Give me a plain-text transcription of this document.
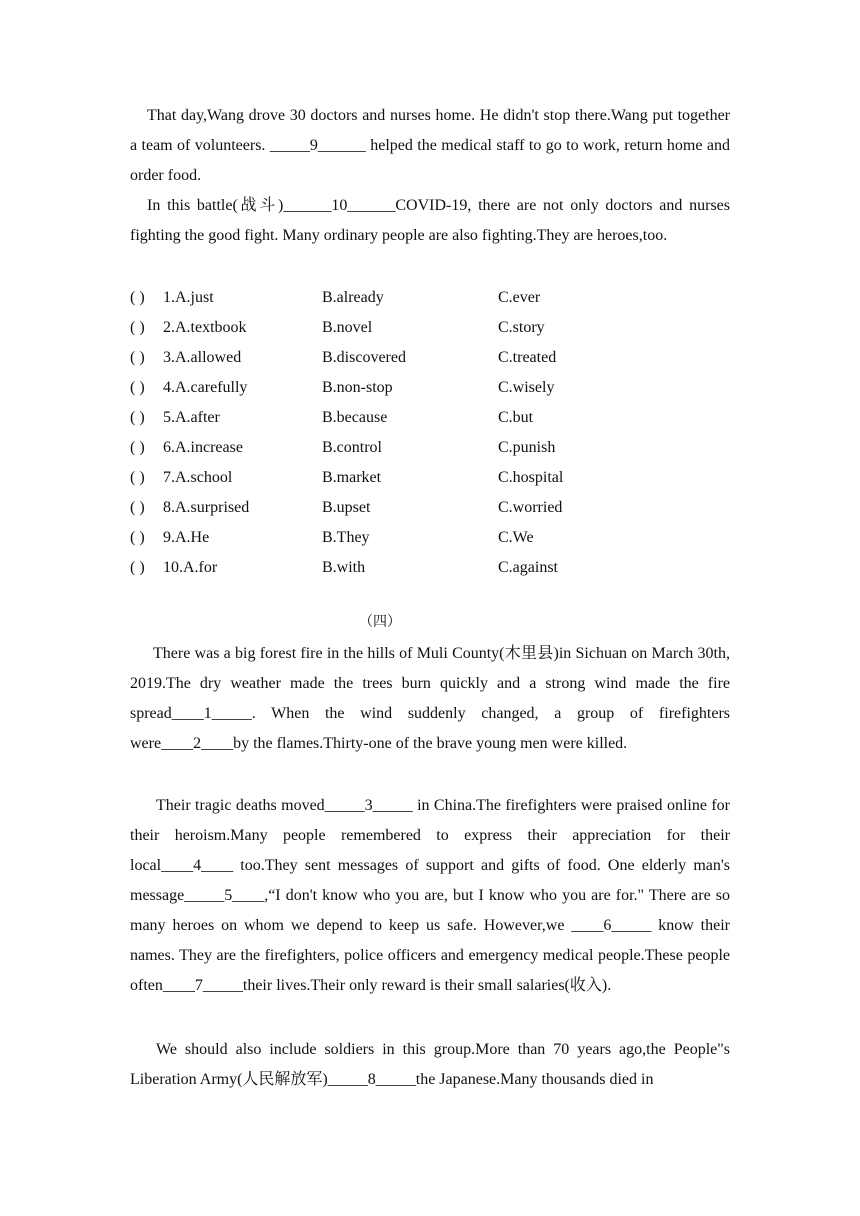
That day,Wang drove 30 doctors and nurses home. He didn't stop there.Wang put together a team of volunteers. _____9______ helped the medical staff to go to work, return home and order food.

In this battle(战斗)______10______COVID-19, there are not only doctors and nurses fighting the good fight. Many ordinary people are also fighting.They are heroes,too.

( ) 1.A.just	B.already	C.ever
( ) 2.A.textbook	B.novel	C.story
( ) 3.A.allowed	B.discovered	C.treated
( ) 4.A.carefully	B.non-stop	C.wisely
( ) 5.A.after	B.because	C.but
( ) 6.A.increase	B.control	C.punish
( ) 7.A.school	B.market	C.hospital
( ) 8.A.surprised	B.upset	C.worried
( ) 9.A.He	B.They	C.We
( ) 10.A.for	B.with	C.against
（四）

There was a big forest fire in the hills of Muli County(木里县)in Sichuan on March 30th, 2019.The dry weather made the trees burn quickly and a strong wind made the fire spread____1_____. When the wind suddenly changed, a group of firefighters were____2____by the flames.Thirty-one of the brave young men were killed.

Their tragic deaths moved_____3_____ in China.The firefighters were praised online for their heroism.Many people remembered to express their appreciation for their local____4____ too.They sent messages of support and gifts of food. One elderly man's message_____5____,“I don't know who you are, but I know who you are for." There are so many heroes on whom we depend to keep us safe. However,we ____6_____ know their names. They are the firefighters, police officers and emergency medical people.These people often____7_____their lives.Their only reward is their small salaries(收入).

We should also include soldiers in this group.More than 70 years ago,the People"s Liberation Army(人民解放军)_____8_____the Japanese.Many thousands died in
